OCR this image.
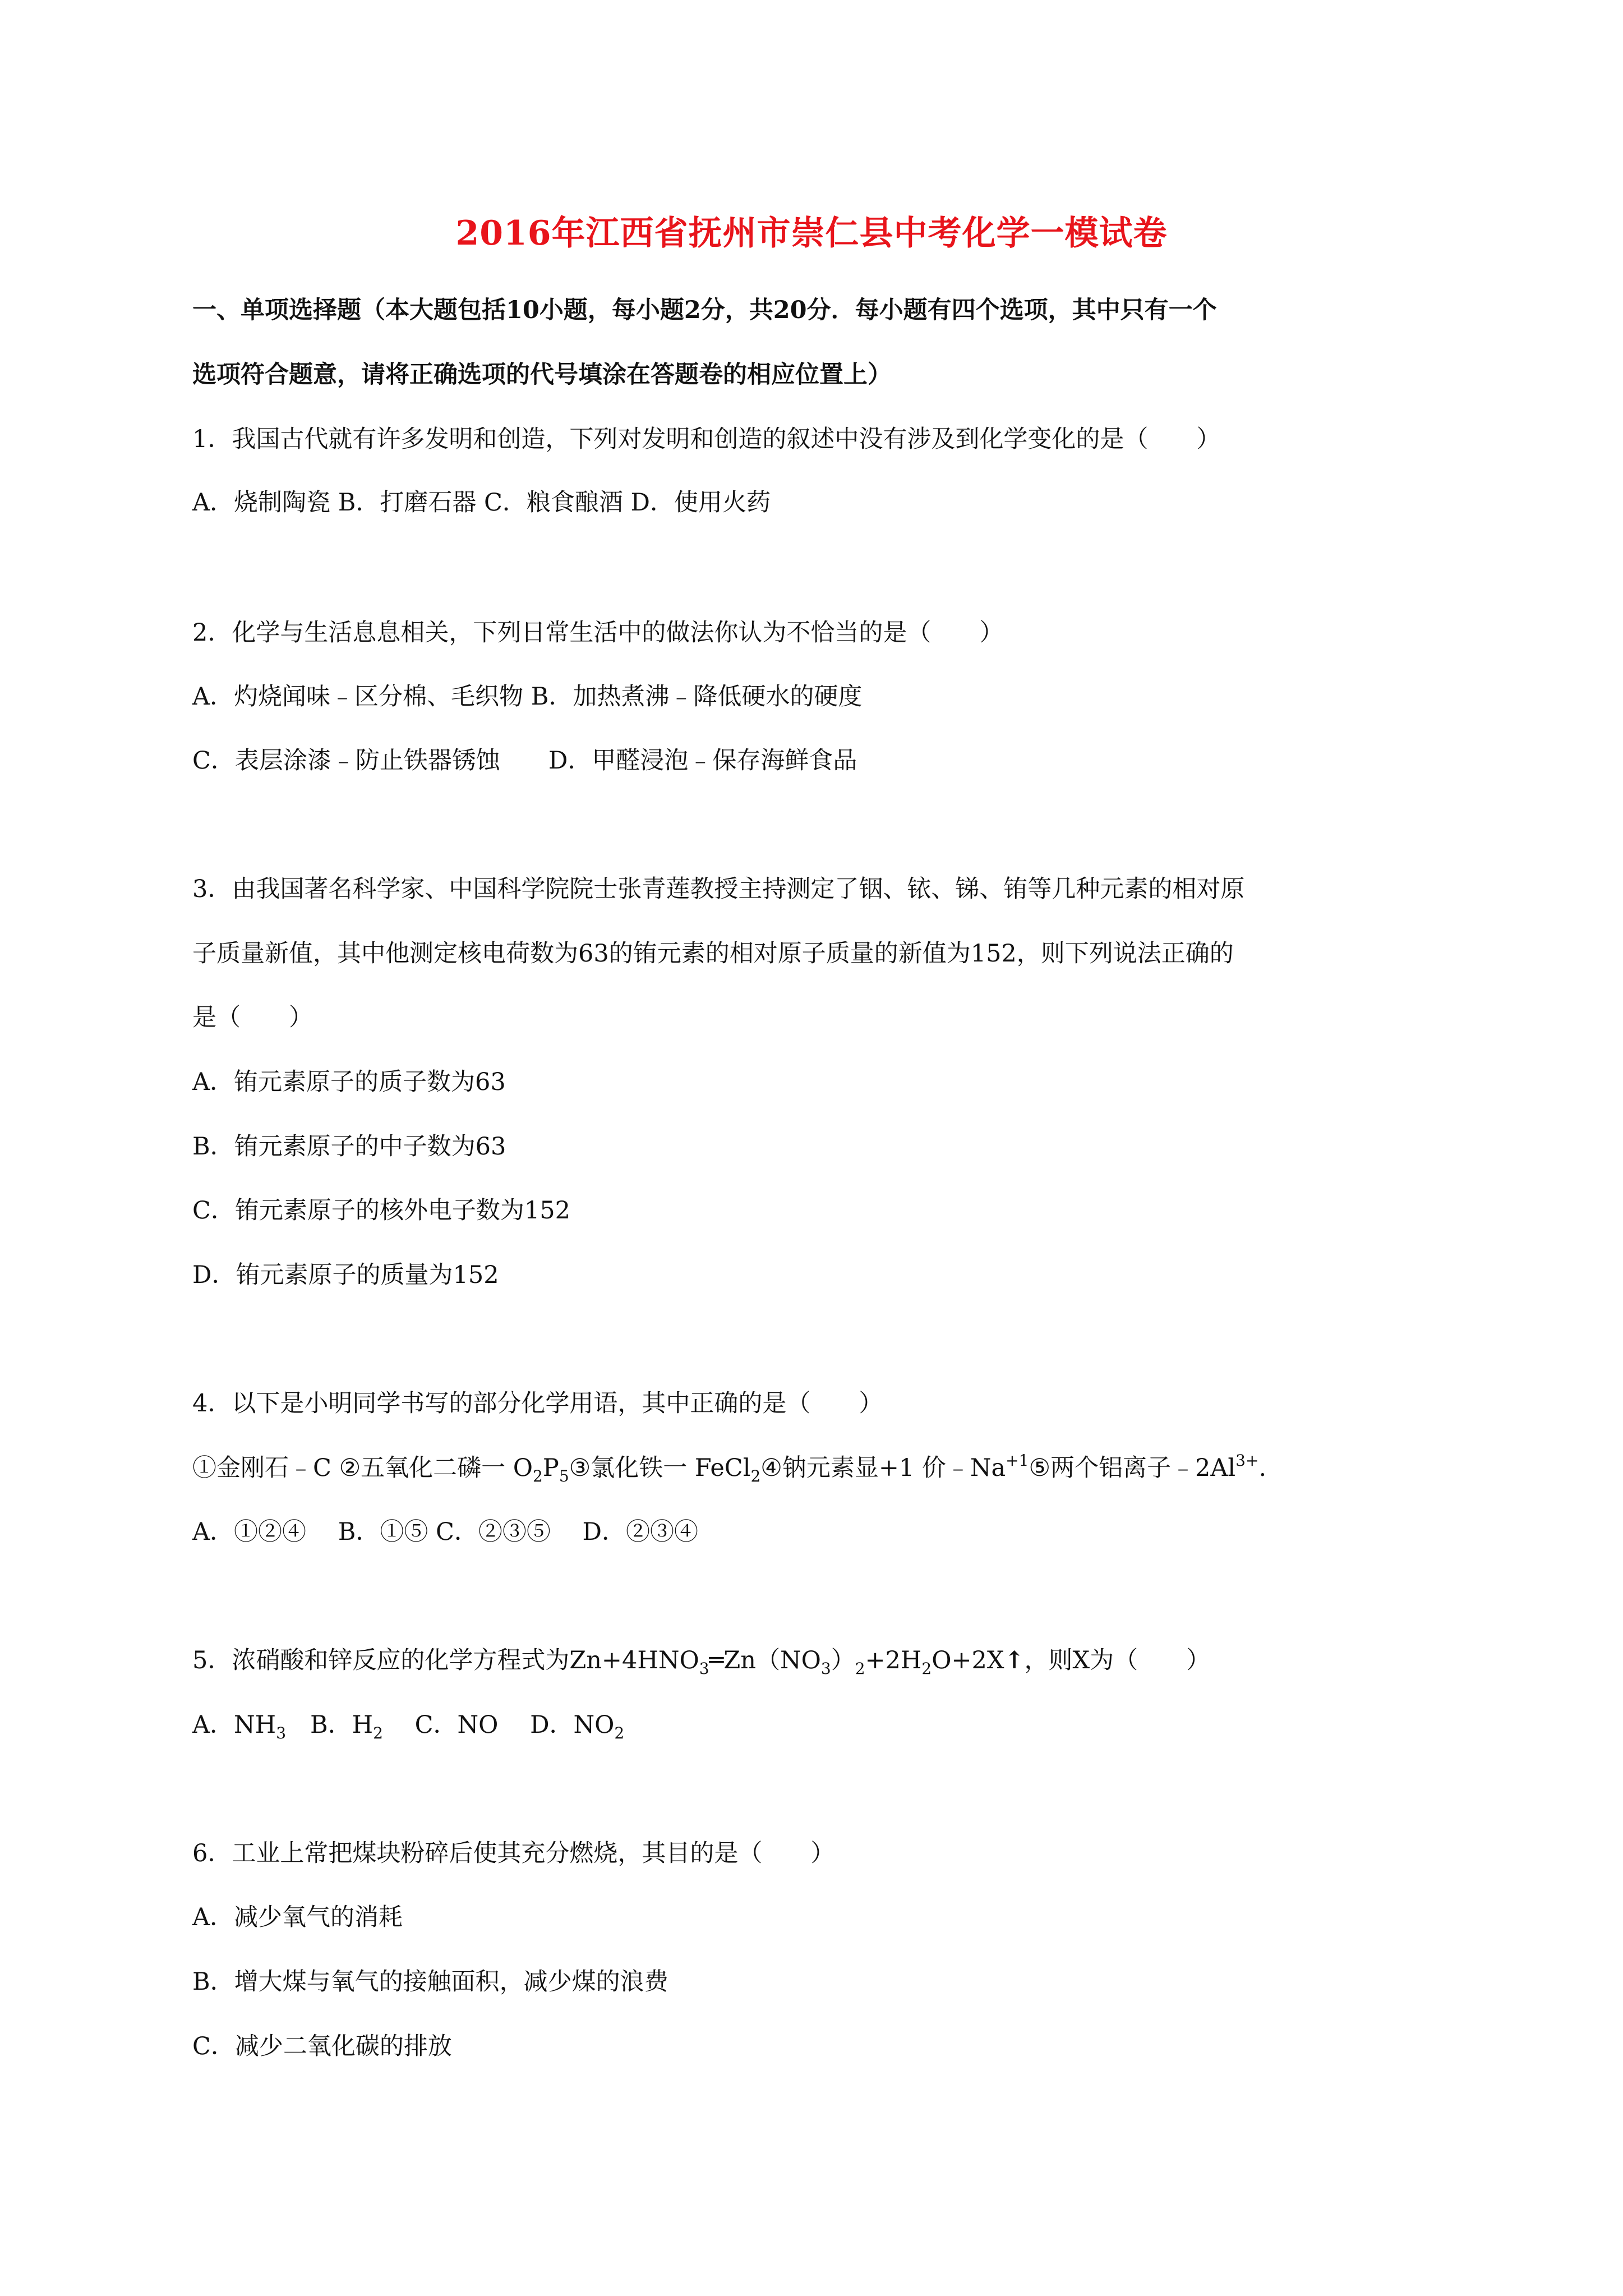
2016年江西省抚州市崇仁县中考化学一模试卷
一、单项选择题（本大题包括10小题，每小题2分，共20分．每小题有四个选项，其中只有一个
选项符合题意，请将正确选项的代号填涂在答题卷的相应位置上）
1．我国古代就有许多发明和创造，下列对发明和创造的叙述中没有涉及到化学变化的是（　　）
A．烧制陶瓷 B．打磨石器 C．粮食酿酒 D．使用火药
2．化学与生活息息相关，下列日常生活中的做法你认为不恰当的是（　　）
A．灼烧闻味﹣区分棉、毛织物 B．加热煮沸﹣降低硬水的硬度
C．表层涂漆﹣防止铁器锈蚀　　D．甲醛浸泡﹣保存海鲜食品
3．由我国著名科学家、中国科学院院士张青莲教授主持测定了铟、铱、锑、铕等几种元素的相对原
子质量新值，其中他测定核电荷数为63的铕元素的相对原子质量的新值为152，则下列说法正确的
是（　　）
A．铕元素原子的质子数为63
B．铕元素原子的中子数为63
C．铕元素原子的核外电子数为152
D．铕元素原子的质量为152
4．以下是小明同学书写的部分化学用语，其中正确的是（　　）
①金刚石﹣C ②五氧化二磷一 $O_2P_5③$氯化铁一 FeCl$_2$④钠元素显+1 价$﹣Na^{+1}⑤$两个铝离子$﹣2Al^{3+}$.
A．①②④　 B．①⑤ C．②③⑤　 D．②③④
5．浓硝酸和锌反应的化学方程式为$Zn+4HNO_3═Zn(NO_3)_2+2H_2O+2X↑$，则X为（　　）
A．$NH_3$　B．$H_2$　 C．NO　 D．$NO_2$
6．工业上常把煤块粉碎后使其充分燃烧，其目的是（　　）
A．减少氧气的消耗
B．增大煤与氧气的接触面积，减少煤的浪费
C．减少二氧化碳的排放
